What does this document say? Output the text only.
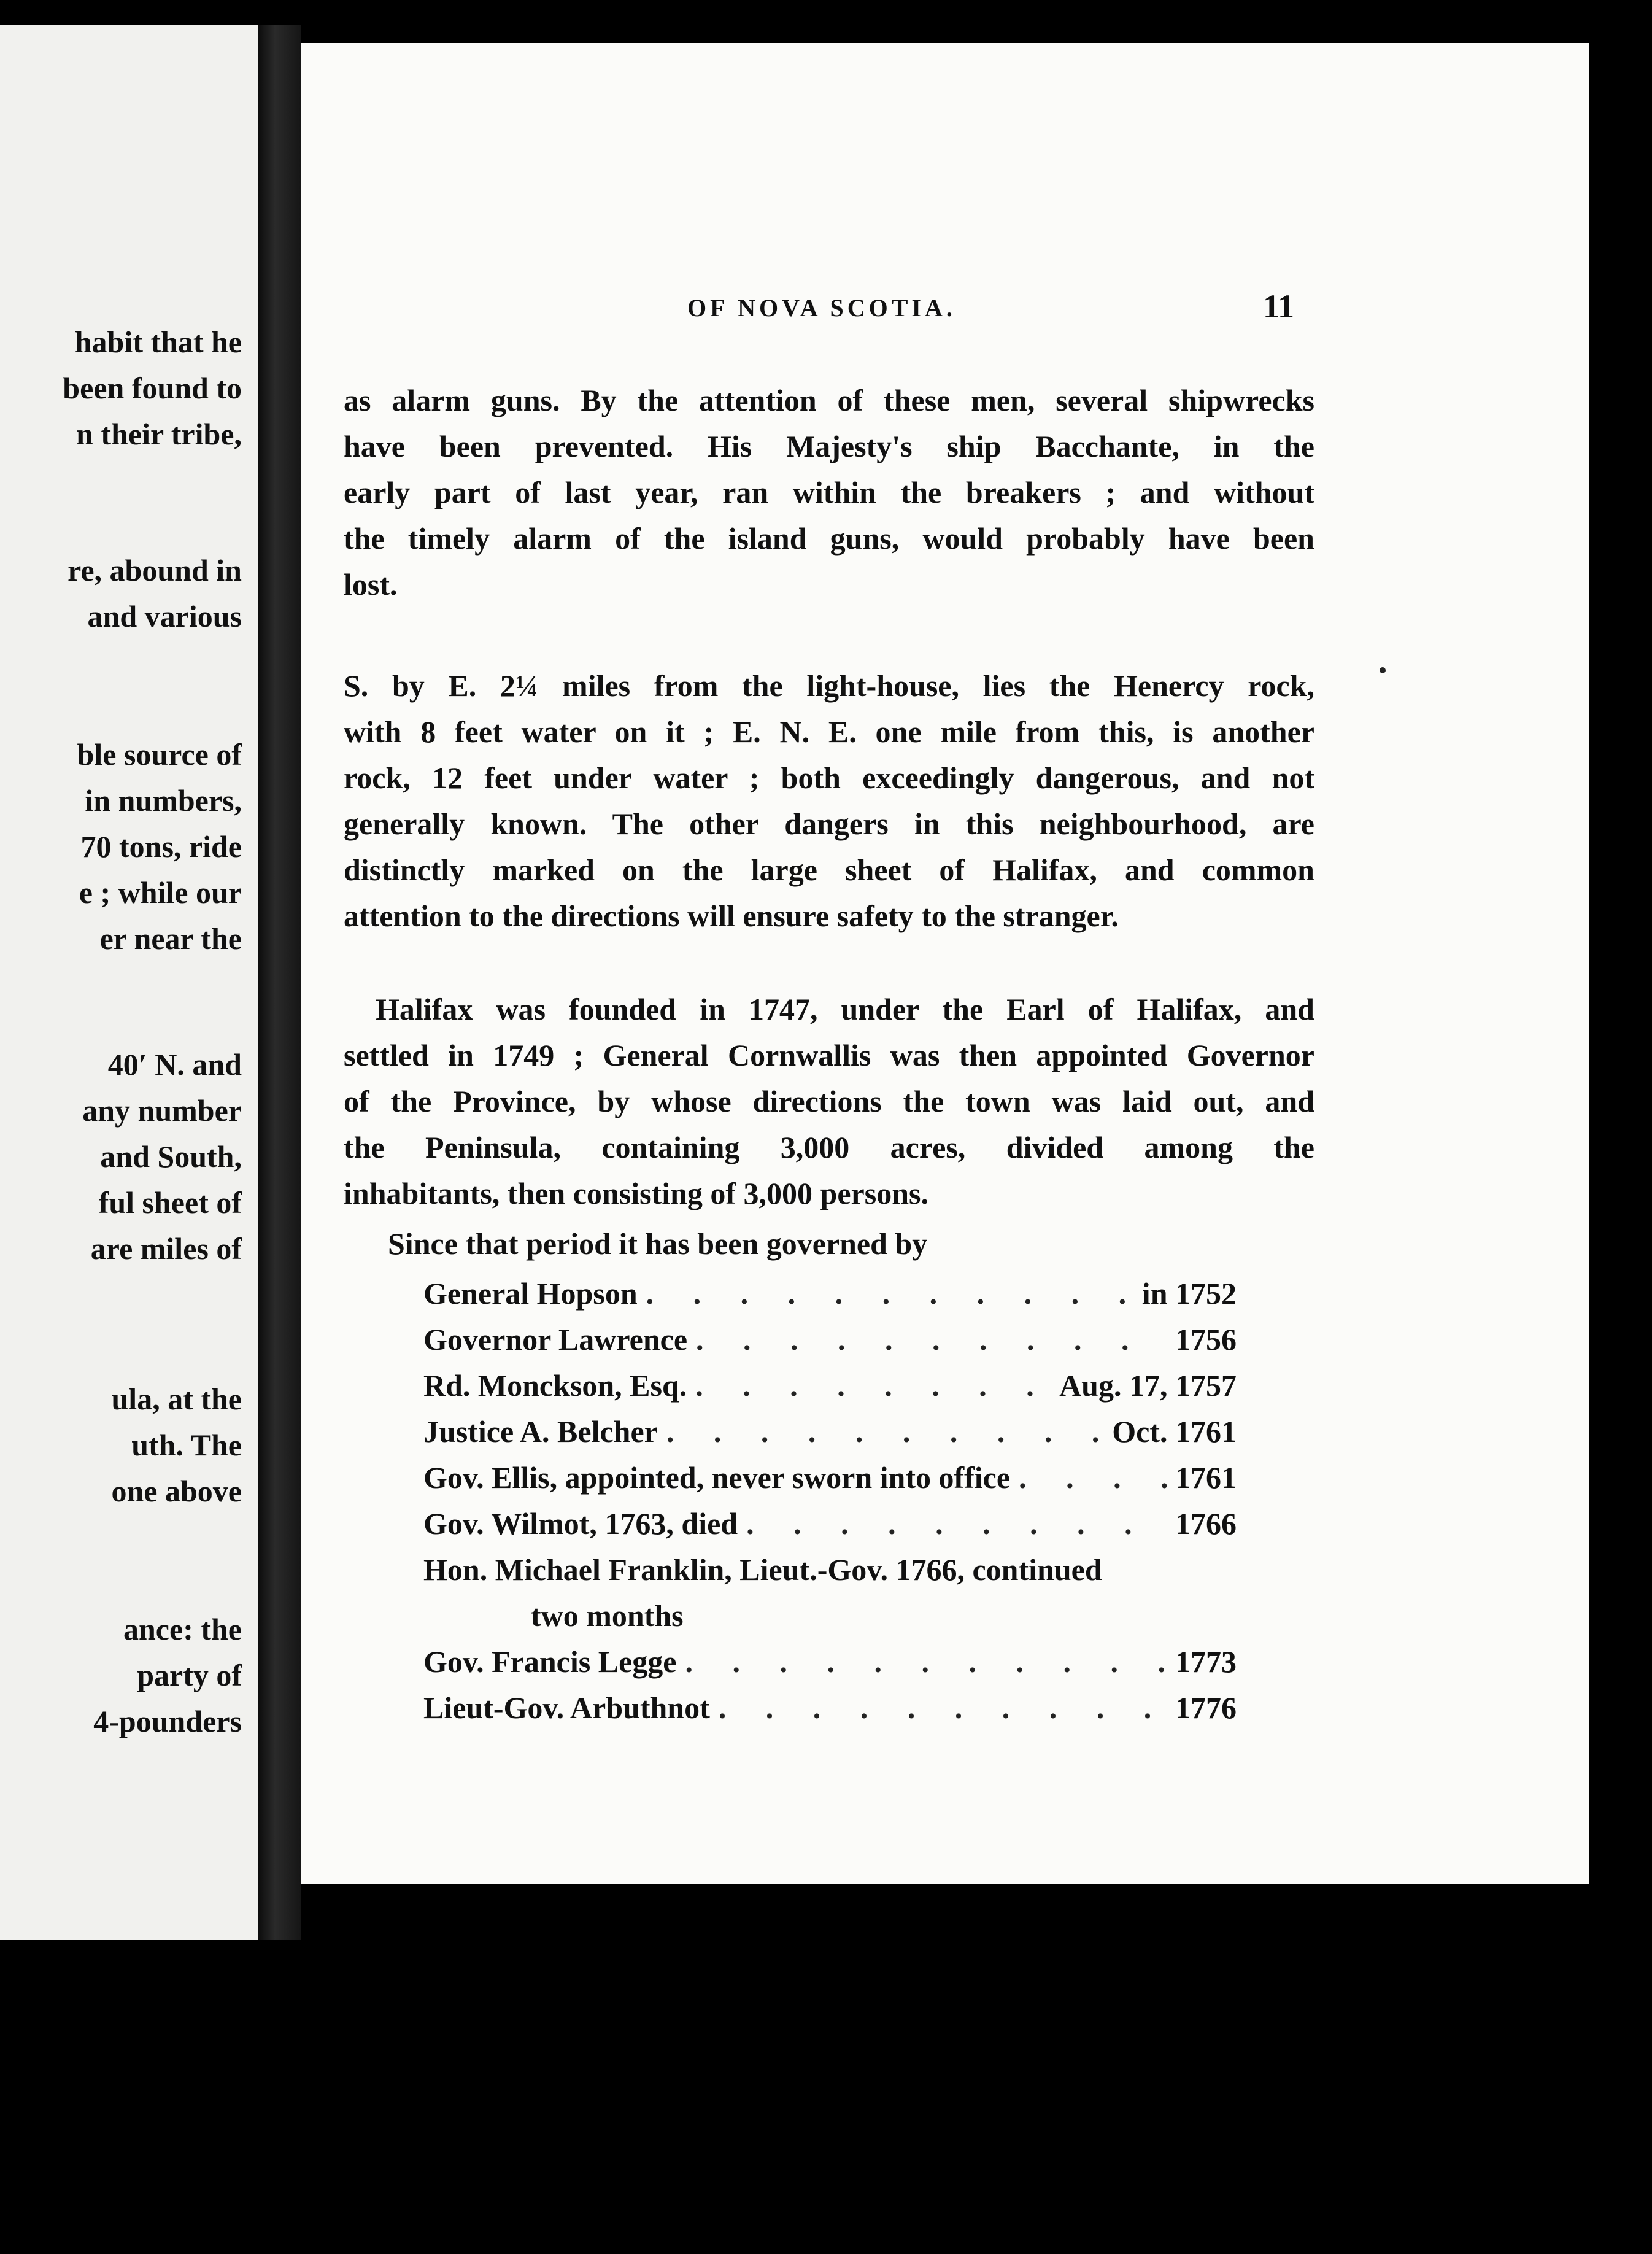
habit that he
been found to
n their tribe,
re, abound in
and various
ble source of
in numbers,
70 tons, ride
e ; while our
er near the
40′ N. and
any number
and South,
ful sheet of
are miles of
ula, at the
uth. The
one above
ance: the
party of
4-pounders
OF NOVA SCOTIA.	11
as alarm guns. By the attention of these men, several shipwrecks
have been prevented. His Majesty's ship Bacchante, in the
early part of last year, ran within the breakers ; and without
the timely alarm of the island guns, would probably have been
lost.
S. by E. 2¼ miles from the light-house, lies the Henercy rock,
with 8 feet water on it ; E. N. E. one mile from this, is another
rock, 12 feet under water ; both exceedingly dangerous, and not
generally known. The other dangers in this neighbourhood, are
distinctly marked on the large sheet of Halifax, and common
attention to the directions will ensure safety to the stranger.
Halifax was founded in 1747, under the Earl of Halifax, and
settled in 1749 ; General Cornwallis was then appointed Governor
of the Province, by whose directions the town was laid out, and
the Peninsula, containing 3,000 acres, divided among the
inhabitants, then consisting of 3,000 persons.
Since that period it has been governed by
General Hopson . . .	in 1752
Governor Lawrence . . .	1756
Rd. Monckson, Esq. . . .	Aug. 17, 1757
Justice A. Belcher . . .	Oct. 1761
Gov. Ellis, appointed, never sworn into office . . .	1761
Gov. Wilmot, 1763, died . . .	1766
Hon. Michael Franklin, Lieut.-Gov. 1766, continued
two months
Gov. Francis Legge . . .	1773
Lieut-Gov. Arbuthnot . . .	1776
